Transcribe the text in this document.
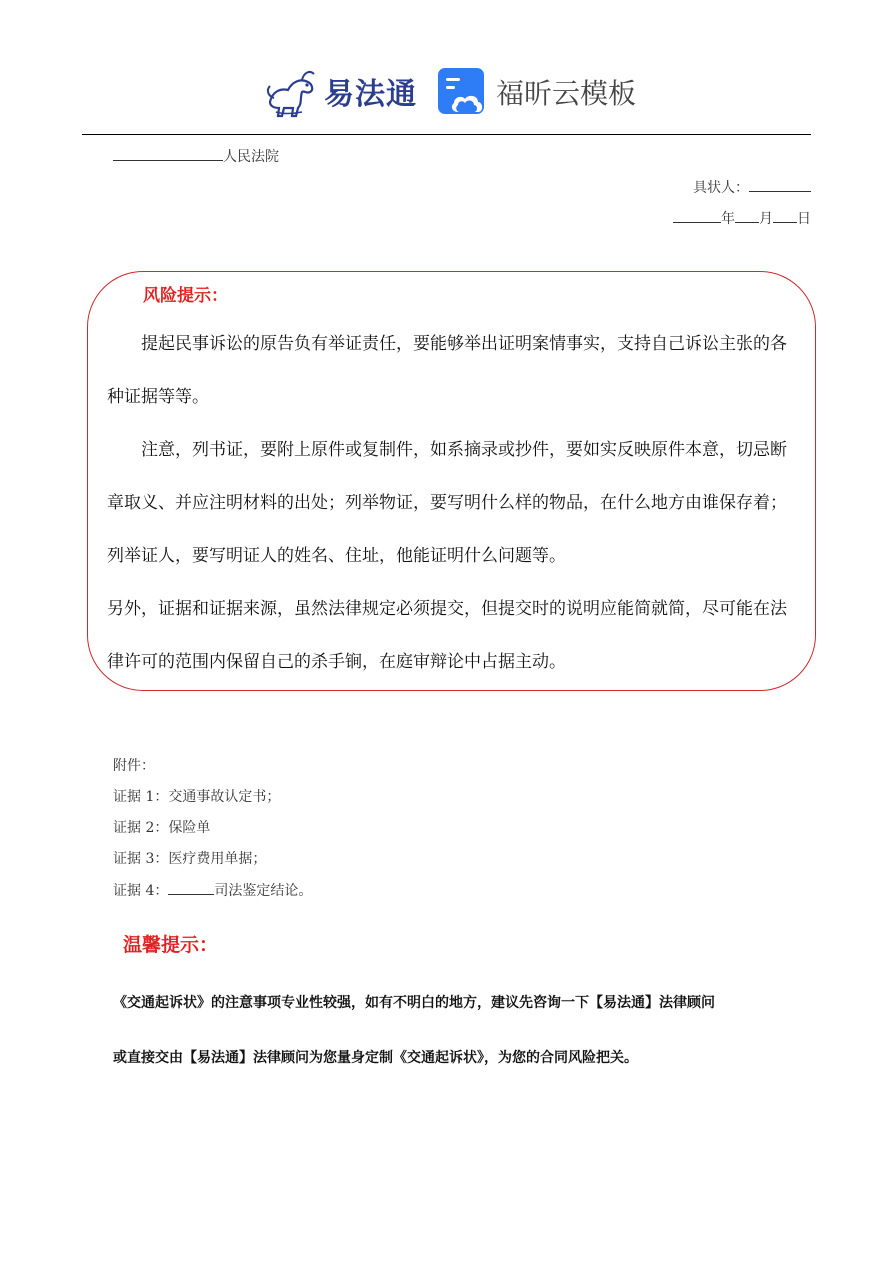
易法通	福昕云模板
人民法院
具状人：
年 月 日
风险提示：
　　提起民事诉讼的原告负有举证责任，要能够举出证明案情事实，支持自己诉讼主张的各
种证据等等。
　　注意，列书证，要附上原件或复制件，如系摘录或抄件，要如实反映原件本意，切忌断
章取义、并应注明材料的出处；列举物证，要写明什么样的物品，在什么地方由谁保存着；
列举证人，要写明证人的姓名、住址，他能证明什么问题等。
另外，证据和证据来源，虽然法律规定必须提交，但提交时的说明应能简就简，尽可能在法
律许可的范围内保留自己的杀手锏，在庭审辩论中占据主动。
附件：
证据 1：交通事故认定书；
证据 2：保险单
证据 3：医疗费用单据；
证据 4：	司法鉴定结论。
温馨提示：
《交通起诉状》的注意事项专业性较强，如有不明白的地方，建议先咨询一下【易法通】法律顾问
或直接交由【易法通】法律顾问为您量身定制《交通起诉状》，为您的合同风险把关。
